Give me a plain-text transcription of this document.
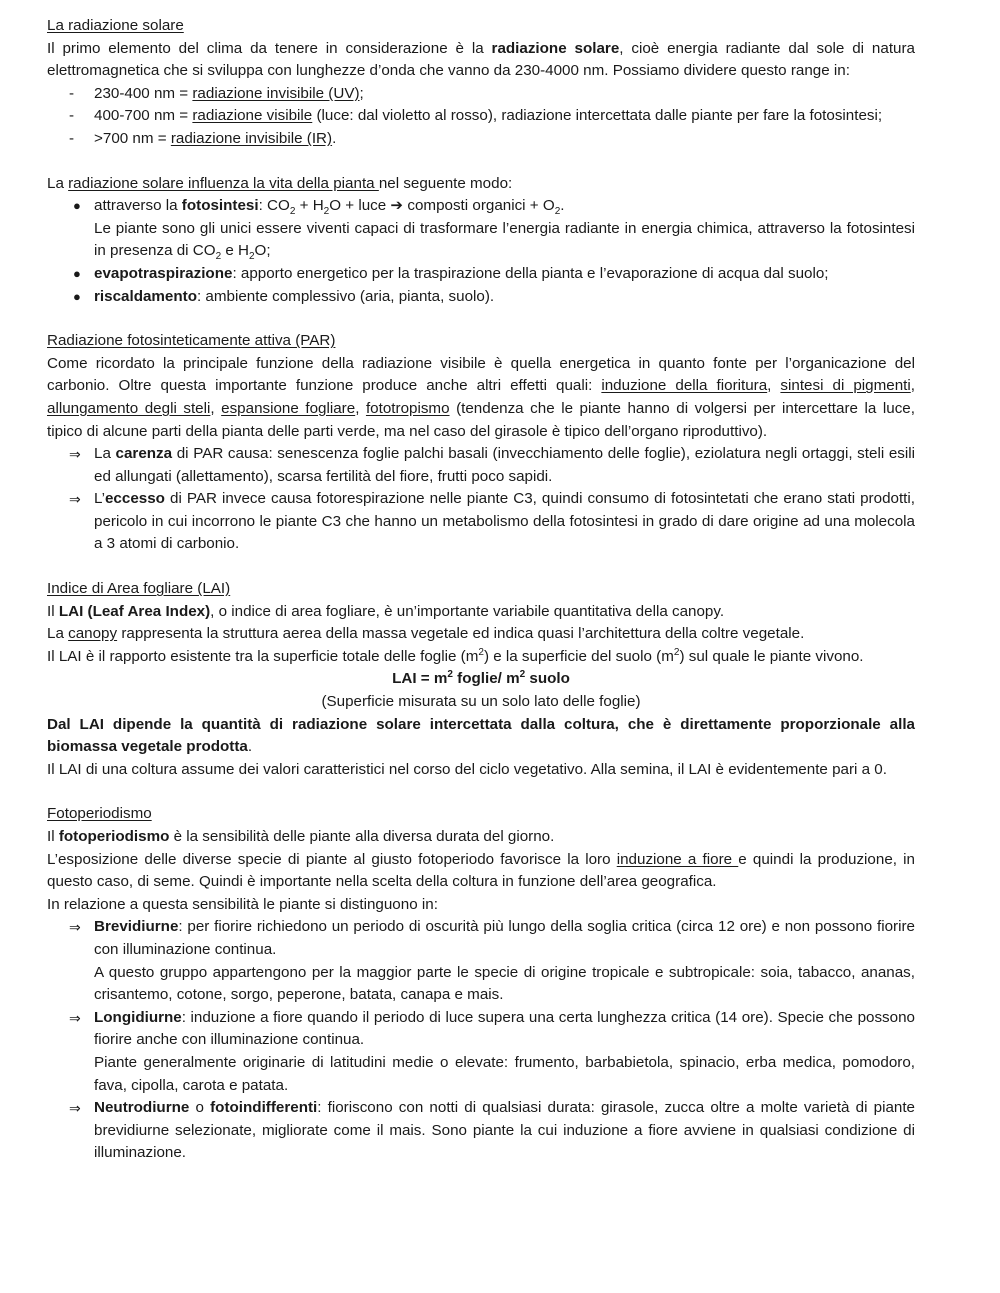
La radiazione solare

Il primo elemento del clima da tenere in considerazione è la radiazione solare, cioè energia radiante dal sole di natura elettromagnetica che si sviluppa con lunghezze d’onda che vanno da 230-4000 nm. Possiamo dividere questo range in:

- 230-400 nm = radiazione invisibile (UV);
- 400-700 nm = radiazione visibile (luce: dal violetto al rosso), radiazione intercettata dalle piante per fare la fotosintesi;
- >700 nm = radiazione invisibile (IR).

La radiazione solare influenza la vita della pianta nel seguente modo:

● attraverso la fotosintesi: $CO_2 + H_2O$ + luce ➔ composti organici + $O_2$.
Le piante sono gli unici essere viventi capaci di trasformare l’energia radiante in energia chimica, attraverso la fotosintesi in presenza di $CO_2$ e $H_2O$;
● evapotraspirazione: apporto energetico per la traspirazione della pianta e l’evaporazione di acqua dal suolo;
● riscaldamento: ambiente complessivo (aria, pianta, suolo).
Radiazione fotosinteticamente attiva (PAR)

Come ricordato la principale funzione della radiazione visibile è quella energetica in quanto fonte per l’organicazione del carbonio. Oltre questa importante funzione produce anche altri effetti quali: induzione della fioritura, sintesi di pigmenti, allungamento degli steli, espansione fogliare, fototropismo (tendenza che le piante hanno di volgersi per intercettare la luce, tipico di alcune parti della pianta delle parti verde, ma nel caso del girasole è tipico dell’organo riproduttivo).

⇒ La carenza di PAR causa: senescenza foglie palchi basali (invecchiamento delle foglie), eziolatura negli ortaggi, steli esili ed allungati (allettamento), scarsa fertilità del fiore, frutti poco sapidi.
⇒ L’eccesso di PAR invece causa fotorespirazione nelle piante C3, quindi consumo di fotosintetati che erano stati prodotti, pericolo in cui incorrono le piante C3 che hanno un metabolismo della fotosintesi in grado di dare origine ad una molecola a 3 atomi di carbonio.
Indice di Area fogliare (LAI)

Il LAI (Leaf Area Index), o indice di area fogliare, è un’importante variabile quantitativa della canopy.

La canopy rappresenta la struttura aerea della massa vegetale ed indica quasi l’architettura della coltre vegetale.

Il LAI è il rapporto esistente tra la superficie totale delle foglie $(m^2)$ e la superficie del suolo $(m^2)$ sul quale le piante vivono.

LAI = $m^2$ foglie/ $m^2$ suolo

(Superficie misurata su un solo lato delle foglie)

Dal LAI dipende la quantità di radiazione solare intercettata dalla coltura, che è direttamente proporzionale alla biomassa vegetale prodotta.

Il LAI di una coltura assume dei valori caratteristici nel corso del ciclo vegetativo. Alla semina, il LAI è evidentemente pari a 0.

Fotoperiodismo

Il fotoperiodismo è la sensibilità delle piante alla diversa durata del giorno.

L’esposizione delle diverse specie di piante al giusto fotoperiodo favorisce la loro induzione a fiore e quindi la produzione, in questo caso, di seme. Quindi è importante nella scelta della coltura in funzione dell’area geografica.

In relazione a questa sensibilità le piante si distinguono in:

⇒ Brevidiurne: per fiorire richiedono un periodo di oscurità più lungo della soglia critica (circa 12 ore) e non possono fiorire con illuminazione continua.
A questo gruppo appartengono per la maggior parte le specie di origine tropicale e subtropicale: soia, tabacco, ananas, crisantemo, cotone, sorgo, peperone, batata, canapa e mais.
⇒ Longidiurne: induzione a fiore quando il periodo di luce supera una certa lunghezza critica (14 ore). Specie che possono fiorire anche con illuminazione continua.
Piante generalmente originarie di latitudini medie o elevate: frumento, barbabietola, spinacio, erba medica, pomodoro, fava, cipolla, carota e patata.
⇒ Neutrodiurne o fotoindifferenti: fioriscono con notti di qualsiasi durata: girasole, zucca oltre a molte varietà di piante brevidiurne selezionate, migliorate come il mais. Sono piante la cui induzione a fiore avviene in qualsiasi condizione di illuminazione.
